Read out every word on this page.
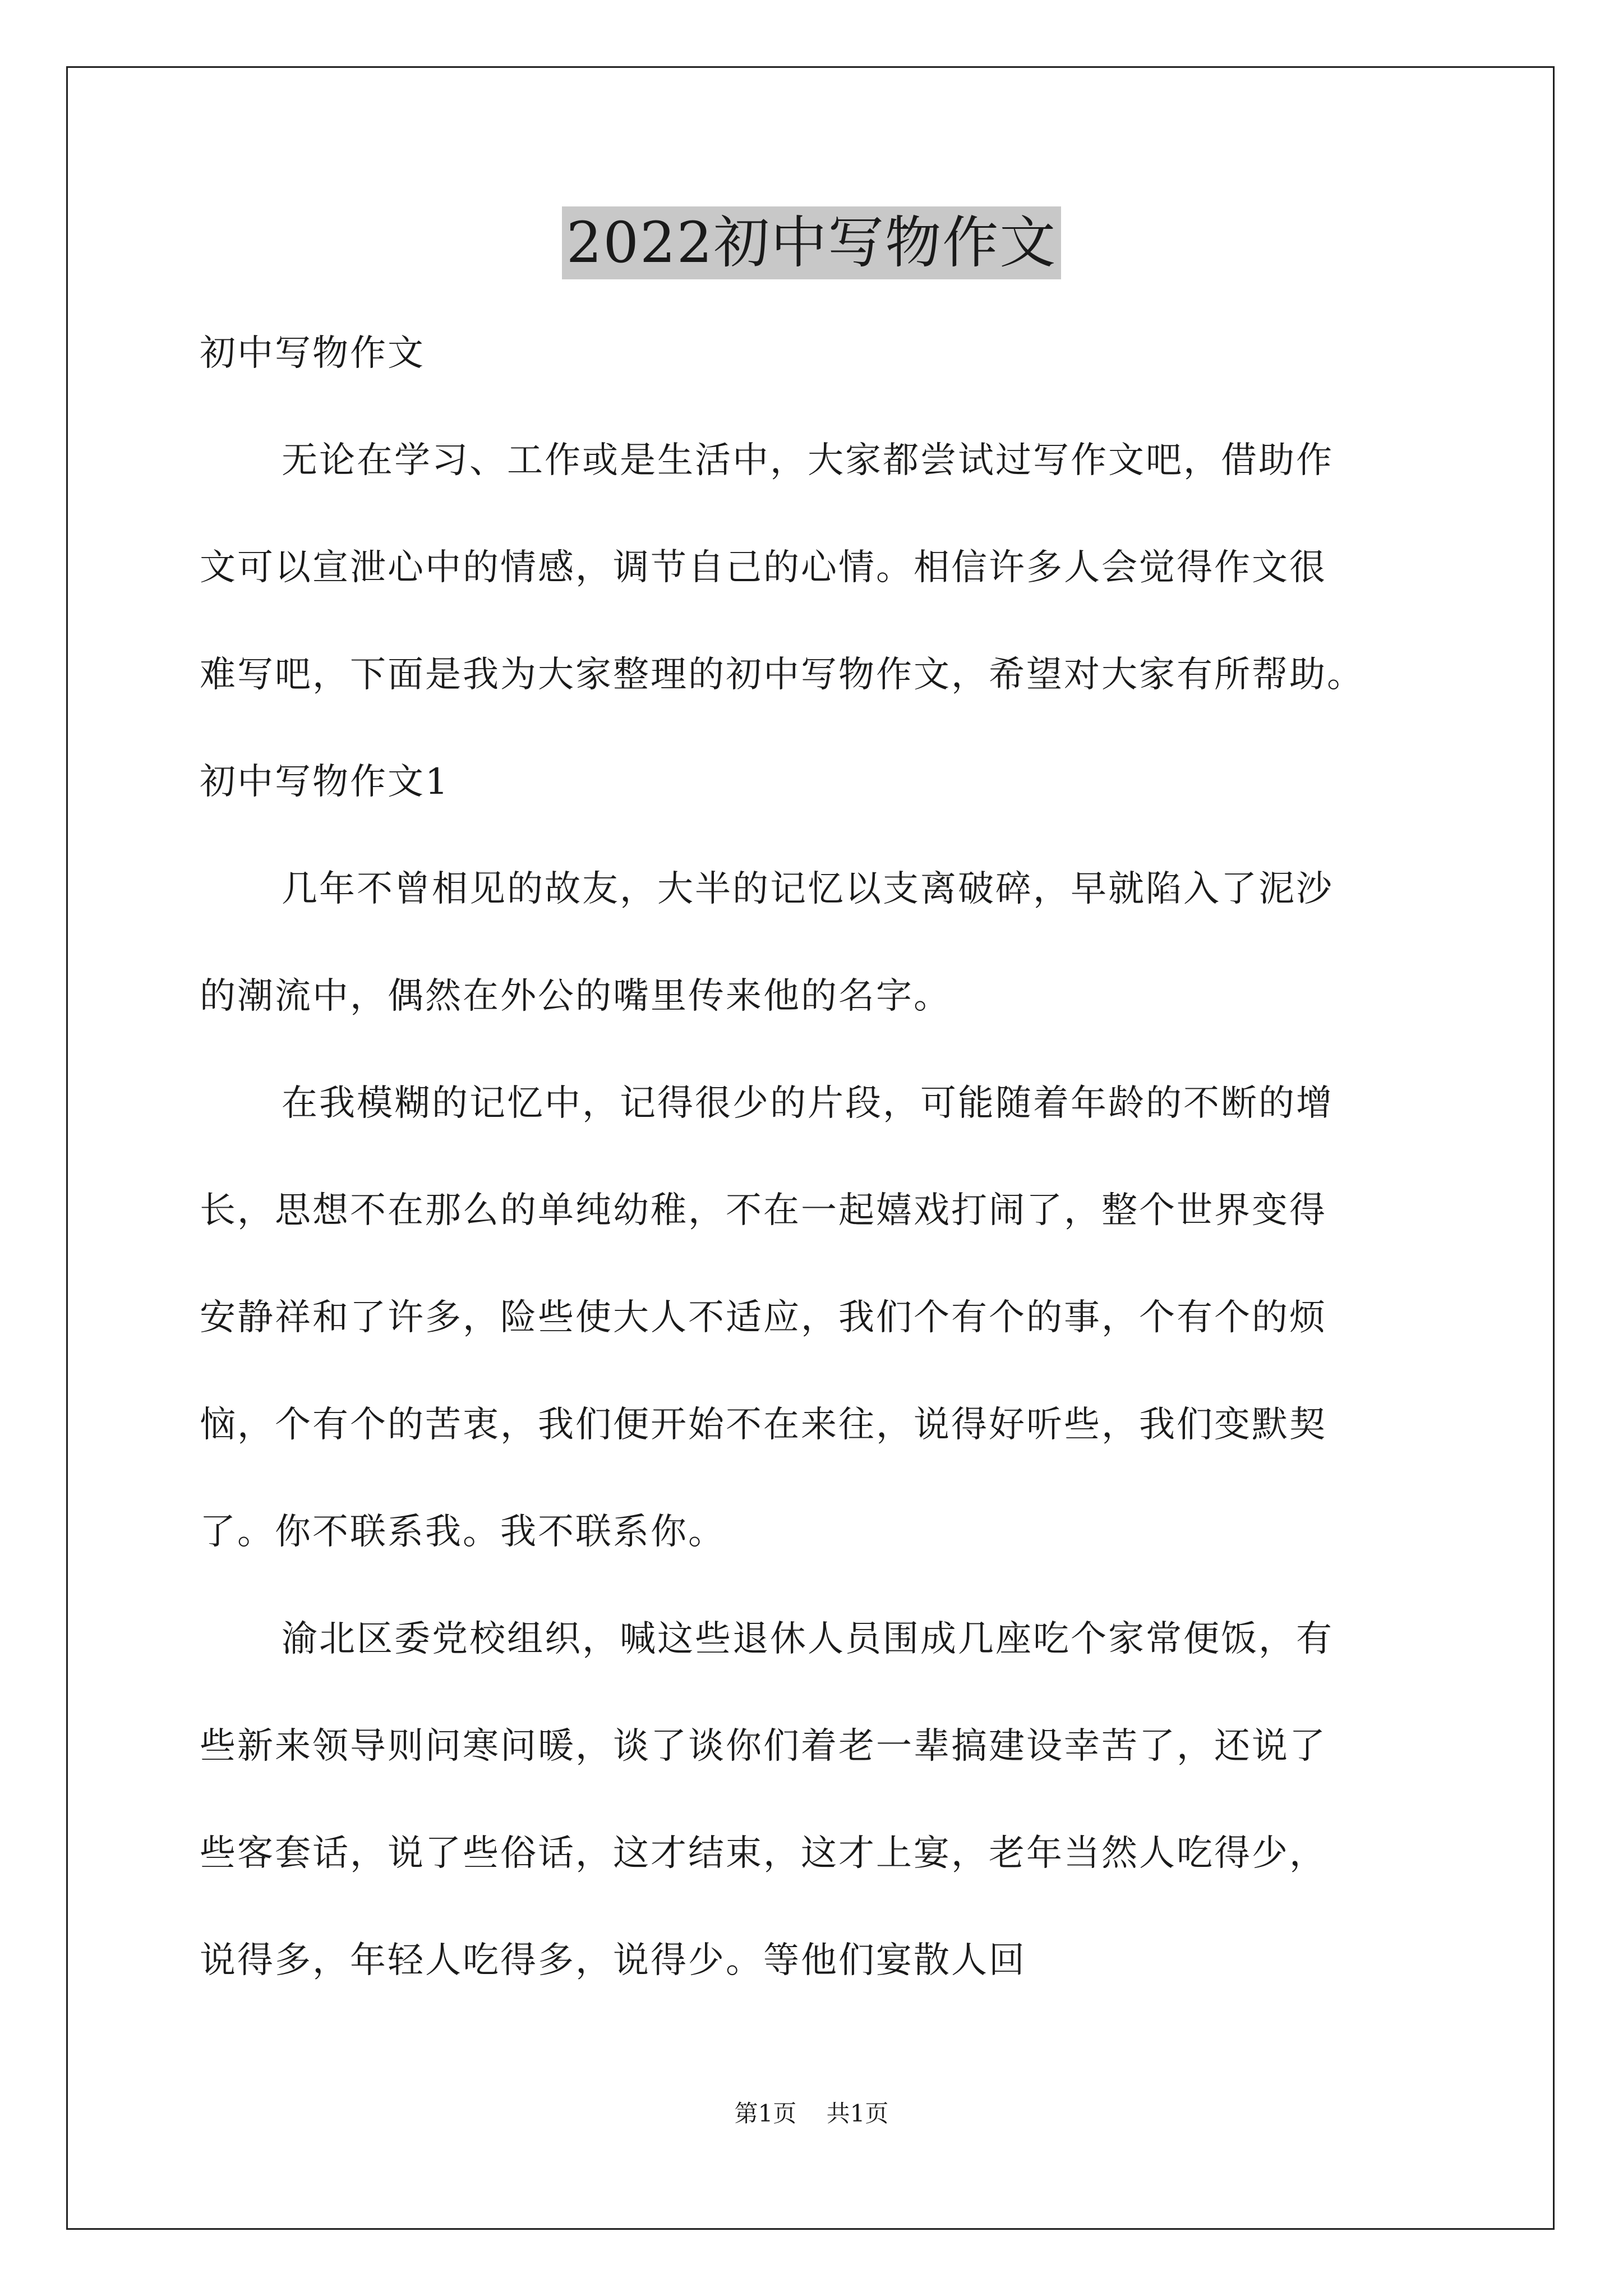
2022初中写物作文
初中写物作文
无论在学习、工作或是生活中，大家都尝试过写作文吧，借助作
文可以宣泄心中的情感，调节自己的心情。相信许多人会觉得作文很
难写吧，下面是我为大家整理的初中写物作文，希望对大家有所帮助。
初中写物作文1
几年不曾相见的故友，大半的记忆以支离破碎，早就陷入了泥沙
的潮流中，偶然在外公的嘴里传来他的名字。
在我模糊的记忆中，记得很少的片段，可能随着年龄的不断的增
长，思想不在那么的单纯幼稚，不在一起嬉戏打闹了，整个世界变得
安静祥和了许多，险些使大人不适应，我们个有个的事，个有个的烦
恼，个有个的苦衷，我们便开始不在来往，说得好听些，我们变默契
了。你不联系我。我不联系你。
渝北区委党校组织，喊这些退休人员围成几座吃个家常便饭，有
些新来领导则问寒问暖，谈了谈你们着老一辈搞建设幸苦了，还说了
些客套话，说了些俗话，这才结束，这才上宴，老年当然人吃得少，
说得多，年轻人吃得多，说得少。等他们宴散人回
第1页    共1页
